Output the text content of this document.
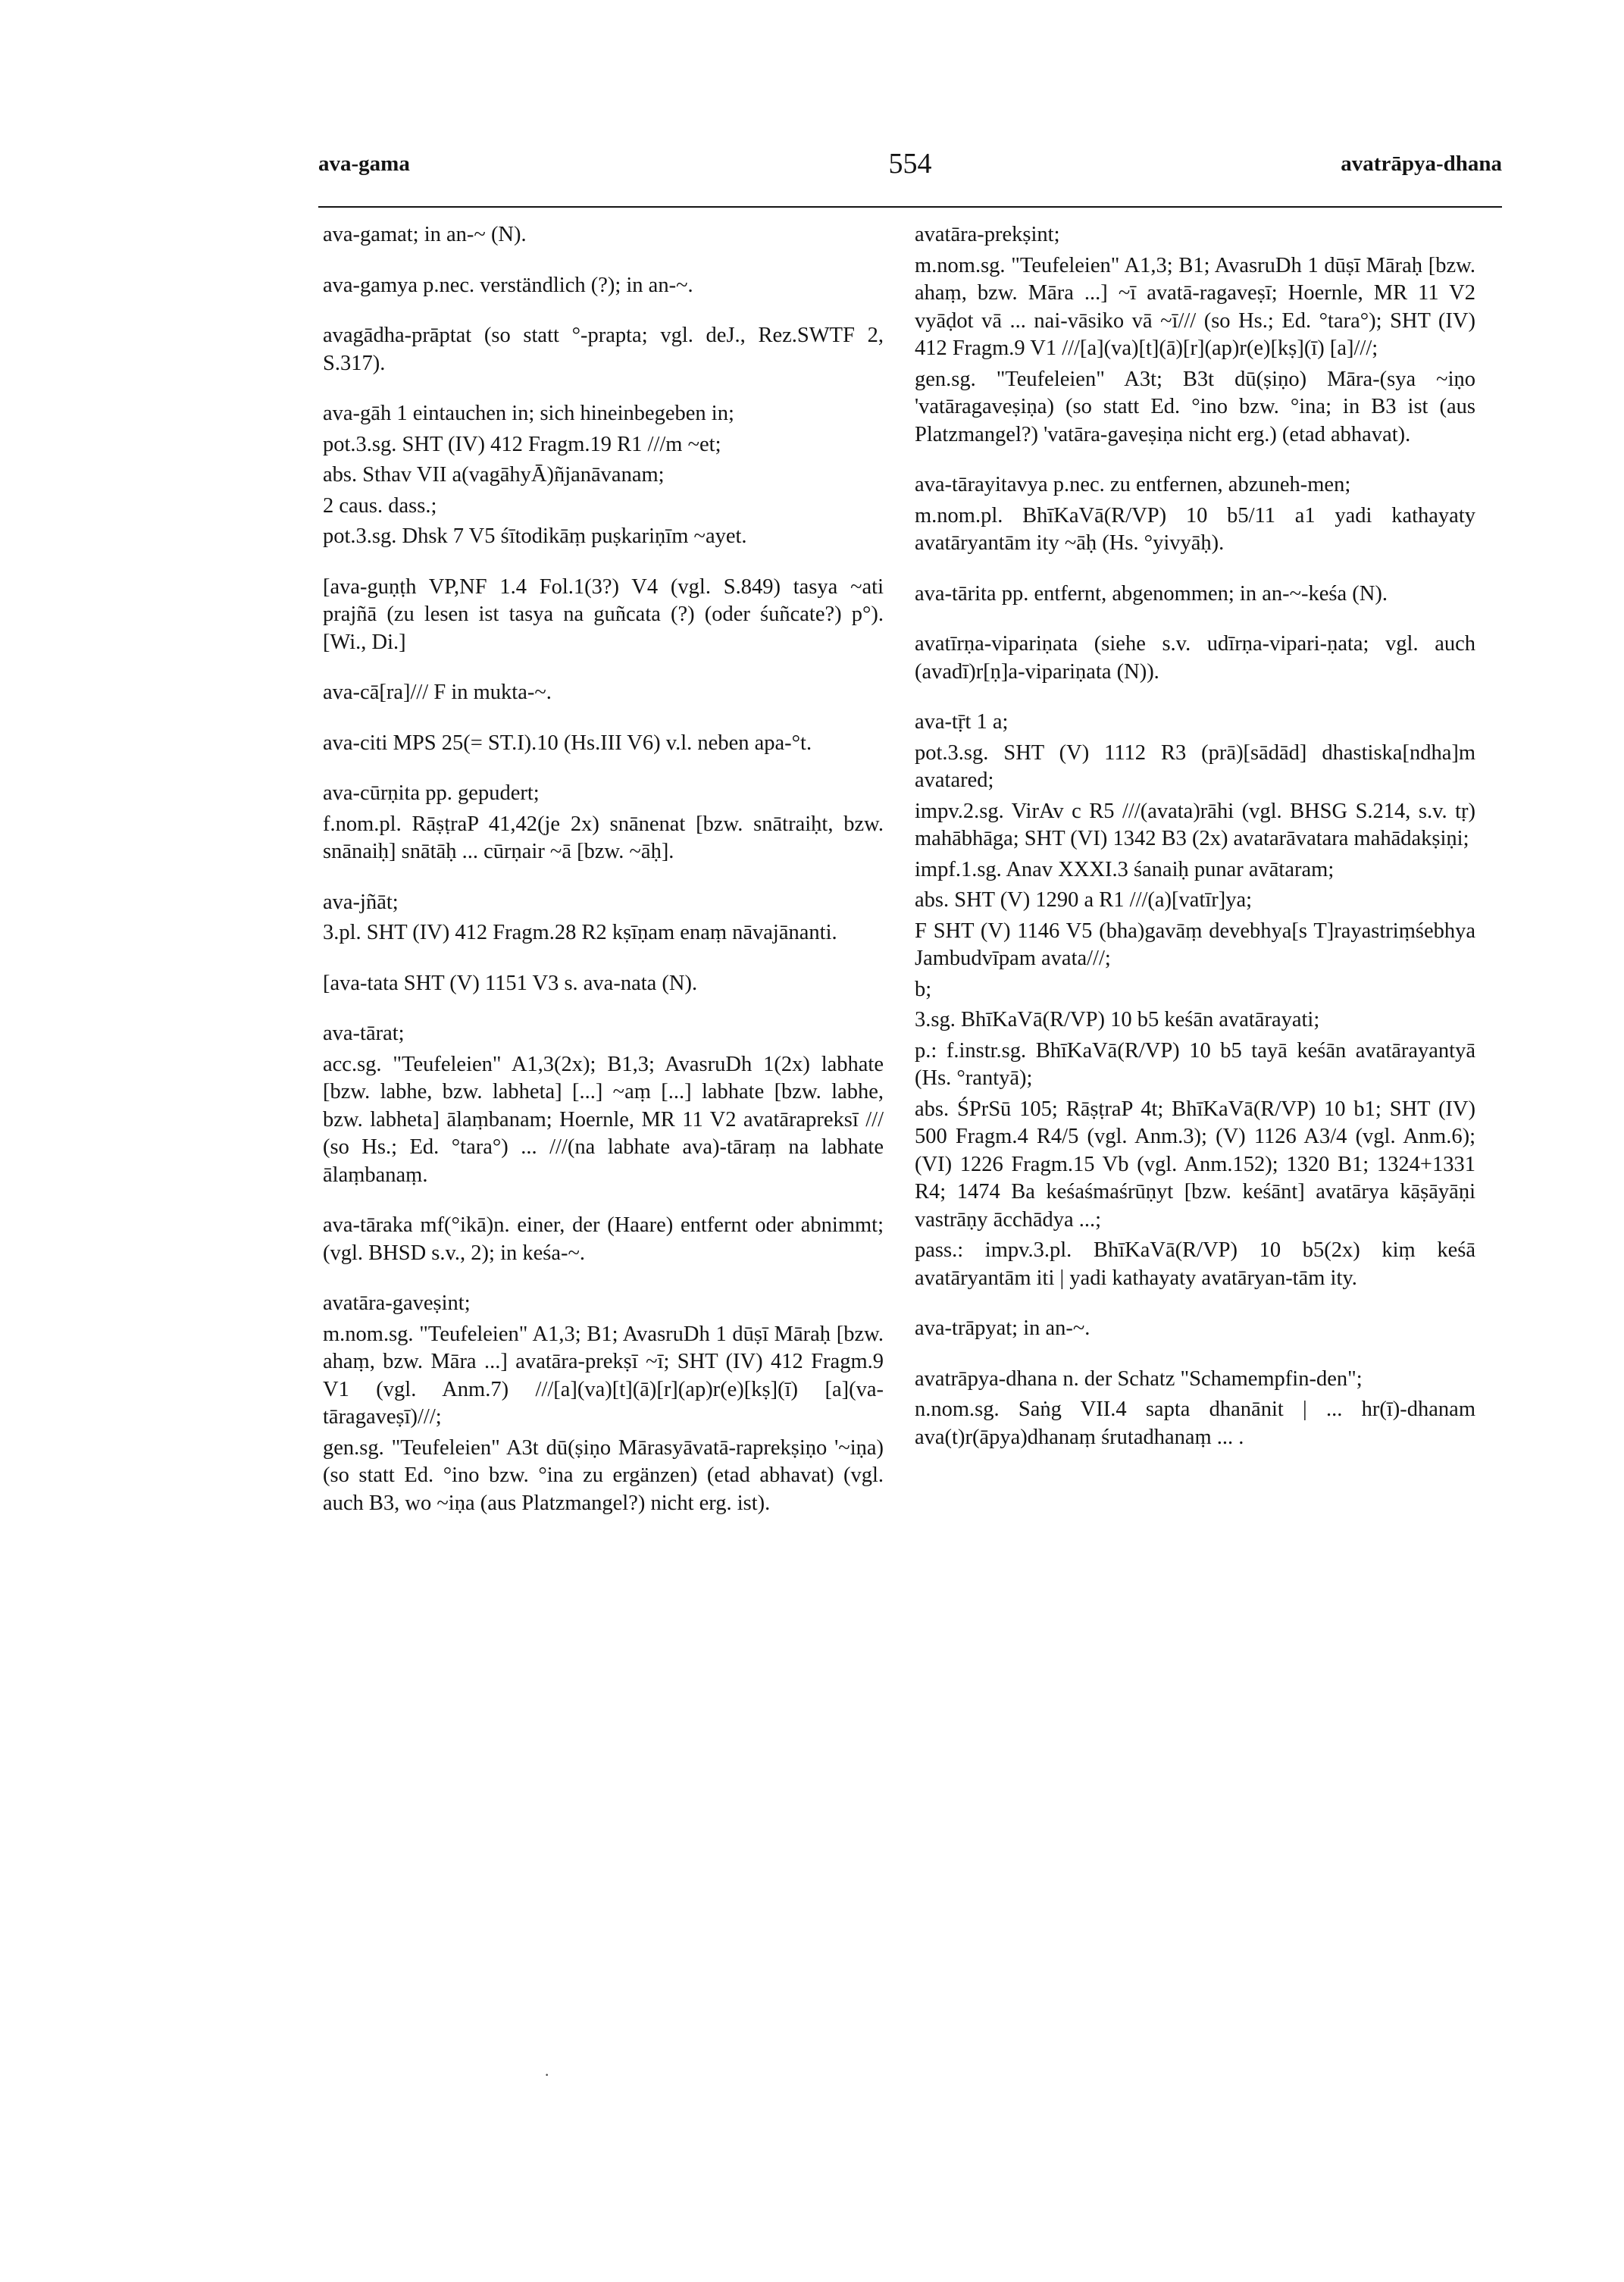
ava-gama	554	avatrāpya-dhana

ava-gamat; in an-~ (N).

ava-gamya p.nec. verständlich (?); in an-~.

avagādha-prāptat (so statt °-prapta; vgl. deJ., Rez.SWTF 2, S.317).

ava-gāh 1 eintauchen in; sich hineinbegeben in;

pot.3.sg. SHT (IV) 412 Fragm.19 R1 ///m ~et;

abs. Sthav VII a(vagāhyĀ)ñjanāvanam;

2 caus. dass.;

pot.3.sg. Dhsk 7 V5 śītodikāṃ puṣkariṇīm ~ayet.

[ava-guṇṭh VP,NF 1.4 Fol.1(3?) V4 (vgl. S.849) tasya ~ati prajñā (zu lesen ist tasya na guñcata (?) (oder śuñcate?) p°). [Wi., Di.]

ava-cā[ra]/// F in mukta-~.

ava-citi MPS 25(= ST.I).10 (Hs.III V6) v.l. neben apa-°t.

ava-cūrṇita pp. gepudert;

f.nom.pl. RāṣṭraP 41,42(je 2x) snānenat [bzw. snātraiḥt, bzw. snānaiḥ] snātāḥ ... cūrṇair ~ā [bzw. ~āḥ].

ava-jñāt;

3.pl. SHT (IV) 412 Fragm.28 R2 kṣīṇam enaṃ nāvajānanti.

[ava-tata SHT (V) 1151 V3 s. ava-nata (N).

ava-tārat;

acc.sg. "Teufeleien" A1,3(2x); B1,3; AvasruDh 1(2x) labhate [bzw. labhe, bzw. labheta] [...] ~aṃ [...] labhate [bzw. labhe, bzw. labheta] ālaṃbanam; Hoernle, MR 11 V2 avatārapreksī /// (so Hs.; Ed. °tara°) ... ///(na labhate ava)-tāraṃ na labhate ālaṃbanaṃ.

ava-tāraka mf(°ikā)n. einer, der (Haare) entfernt oder abnimmt; (vgl. BHSD s.v., 2); in keśa-~.

avatāra-gaveṣint;

m.nom.sg. "Teufeleien" A1,3; B1; AvasruDh 1 dūṣī Māraḥ [bzw. ahaṃ, bzw. Māra ...] avatāra-prekṣī ~ī; SHT (IV) 412 Fragm.9 V1 (vgl. Anm.7) ///[a](va)[t](ā)[r](ap)r(e)[kṣ](ī) [a](va-tāragaveṣī)///;

gen.sg. "Teufeleien" A3t dū(ṣiṇo Mārasyāvatā-raprekṣiṇo '~iṇa) (so statt Ed. °ino bzw. °ina zu ergänzen) (etad abhavat) (vgl. auch B3, wo ~iṇa (aus Platzmangel?) nicht erg. ist).

avatāra-prekṣint;

m.nom.sg. "Teufeleien" A1,3; B1; AvasruDh 1 dūṣī Māraḥ [bzw. ahaṃ, bzw. Māra ...] ~ī avatā-ragaveṣī; Hoernle, MR 11 V2 vyāḍot vā ... nai-vāsiko vā ~ī/// (so Hs.; Ed. °tara°); SHT (IV) 412 Fragm.9 V1 ///[a](va)[t](ā)[r](ap)r(e)[kṣ](ī) [a]///;

gen.sg. "Teufeleien" A3t; B3t dū(ṣiṇo) Māra-(sya ~iṇo 'vatāragaveṣiṇa) (so statt Ed. °ino bzw. °ina; in B3 ist (aus Platzmangel?) 'vatāra-gaveṣiṇa nicht erg.) (etad abhavat).

ava-tārayitavya p.nec. zu entfernen, abzuneh-men;

m.nom.pl. BhīKaVā(R/VP) 10 b5/11 a1 yadi kathayaty avatāryantām ity ~āḥ (Hs. °yivyāḥ).

ava-tārita pp. entfernt, abgenommen; in an-~-keśa (N).

avatīrṇa-vipariṇata (siehe s.v. udīrṇa-vipari-ṇata; vgl. auch (avadī)r[ṇ]a-vipariṇata (N)).

ava-tṝt 1 a;

pot.3.sg. SHT (V) 1112 R3 (prā)[sādād] dhastiska[ndha]m avatared;

impv.2.sg. VirAv c R5 ///(avata)rāhi (vgl. BHSG S.214, s.v. tṛ) mahābhāga; SHT (VI) 1342 B3 (2x) avatarāvatara mahādakṣiṇi;

impf.1.sg. Anav XXXI.3 śanaiḥ punar avātaram;

abs. SHT (V) 1290 a R1 ///(a)[vatīr]ya;

F SHT (V) 1146 V5 (bha)gavāṃ devebhya[s T]rayastriṃśebhya Jambudvīpam avata///;

b;

3.sg. BhīKaVā(R/VP) 10 b5 keśān avatārayati;

p.: f.instr.sg. BhīKaVā(R/VP) 10 b5 tayā keśān avatārayantyā (Hs. °rantyā);

abs. ŚPrSū 105; RāṣṭraP 4t; BhīKaVā(R/VP) 10 b1; SHT (IV) 500 Fragm.4 R4/5 (vgl. Anm.3); (V) 1126 A3/4 (vgl. Anm.6); (VI) 1226 Fragm.15 Vb (vgl. Anm.152); 1320 B1; 1324+1331 R4; 1474 Ba keśaśmaśrūṇyt [bzw. keśānt] avatārya kāṣāyāṇi vastrāṇy ācchādya ...;

pass.: impv.3.pl. BhīKaVā(R/VP) 10 b5(2x) kiṃ keśā avatāryantām iti | yadi kathayaty avatāryan-tām ity.

ava-trāpyat; in an-~.

avatrāpya-dhana n. der Schatz "Schamempfin-den";

n.nom.sg. Saṅg VII.4 sapta dhanānit | ... hr(ī)-dhanam ava(t)r(āpya)dhanaṃ śrutadhanaṃ ... .

·
